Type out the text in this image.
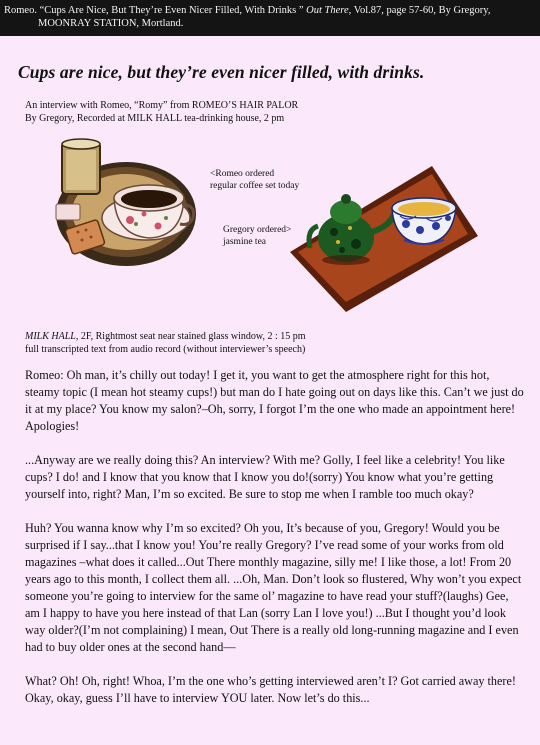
Romeo. “Cups Are Nice, But They’re Even Nicer Filled, With Drinks ” Out There, Vol.87, page 57-60, By Gregory,
MOONRAY STATION, Mortland.
Cups are nice, but they’re even nicer filled, with drinks.
An interview with Romeo, “Romy” from ROMEO’S HAIR PALOR
By Gregory, Recorded at MILK HALL tea-drinking house, 2 pm
<Romeo ordered regular coffee set today
Gregory ordered> jasmine tea
MILK HALL, 2F, Rightmost seat near stained glass window, 2 : 15 pm
full transcripted text from audio record (without interviewer’s speech)

Romeo: Oh man, it’s chilly out today! I get it, you want to get the atmosphere right for this hot, steamy topic (I mean hot steamy cups!) but man do I hate going out on days like this. Can’t we just do it at my place? You know my salon?–Oh, sorry, I forgot I’m the one who made an appointment here! Apologies!

...Anyway are we really doing this? An interview? With me? Golly, I feel like a celebrity! You like cups? I do! and I know that you know that I know you do!(sorry) You know what you’re getting yourself into, right? Man, I’m so excited. Be sure to stop me when I ramble too much okay?

Huh? You wanna know why I’m so excited? Oh you, It’s because of you, Gregory! Would you be surprised if I say...that I know you! You’re really Gregory? I’ve read some of your works from old magazines –what does it called...Out There monthly magazine, silly me! I like those, a lot! From 20 years ago to this month, I collect them all. ...Oh, Man. Don’t look so flustered, Why won’t you expect someone you’re going to interview for the same ol’ magazine to have read your stuff?(laughs) Gee, am I happy to have you here instead of that Lan (sorry Lan I love you!) ...But I thought you’d look way older?(I’m not complaining) I mean, Out There is a really old long-running magazine and I even had to buy older ones at the second hand—

What? Oh! Oh, right! Whoa, I’m the one who’s getting interviewed aren’t I? Got carried away there! Okay, okay, guess I’ll have to interview YOU later. Now let’s do this...
